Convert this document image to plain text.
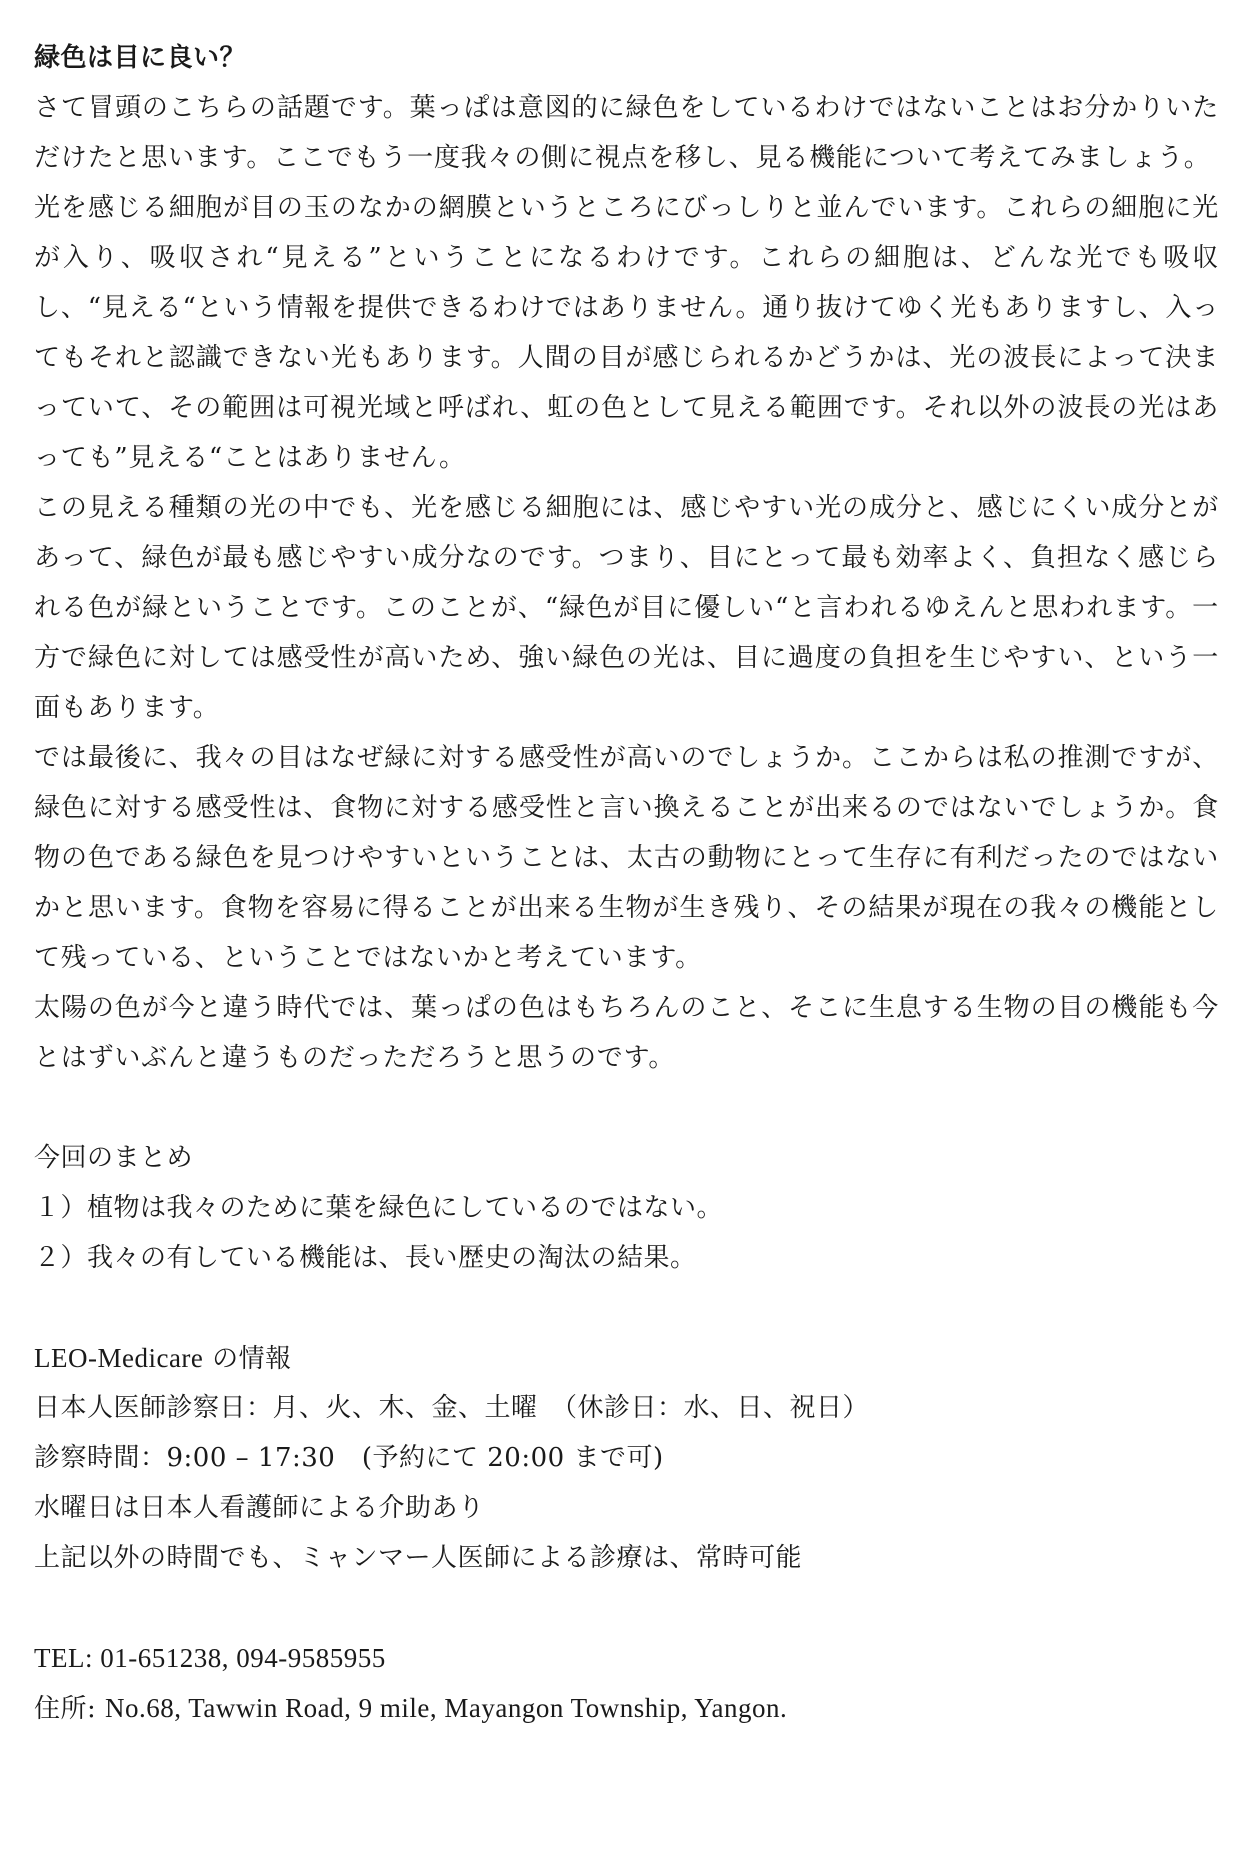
緑色は目に良い？

さて冒頭のこちらの話題です。葉っぱは意図的に緑色をしているわけではないことはお分かりいただけたと思います。ここでもう一度我々の側に視点を移し、見る機能について考えてみましょう。

光を感じる細胞が目の玉のなかの網膜というところにびっしりと並んでいます。これらの細胞に光が入り、吸収され“見える”ということになるわけです。これらの細胞は、どんな光でも吸収し、“見える“という情報を提供できるわけではありません。通り抜けてゆく光もありますし、入ってもそれと認識できない光もあります。人間の目が感じられるかどうかは、光の波長によって決まっていて、その範囲は可視光域と呼ばれ、虹の色として見える範囲です。それ以外の波長の光はあっても”見える“ことはありません。

この見える種類の光の中でも、光を感じる細胞には、感じやすい光の成分と、感じにくい成分とがあって、緑色が最も感じやすい成分なのです。つまり、目にとって最も効率よく、負担なく感じられる色が緑ということです。このことが、“緑色が目に優しい“と言われるゆえんと思われます。一方で緑色に対しては感受性が高いため、強い緑色の光は、目に過度の負担を生じやすい、という一面もあります。

では最後に、我々の目はなぜ緑に対する感受性が高いのでしょうか。ここからは私の推測ですが、緑色に対する感受性は、食物に対する感受性と言い換えることが出来るのではないでしょうか。食物の色である緑色を見つけやすいということは、太古の動物にとって生存に有利だったのではないかと思います。食物を容易に得ることが出来る生物が生き残り、その結果が現在の我々の機能として残っている、ということではないかと考えています。

太陽の色が今と違う時代では、葉っぱの色はもちろんのこと、そこに生息する生物の目の機能も今とはずいぶんと違うものだっただろうと思うのです。

今回のまとめ

１）植物は我々のために葉を緑色にしているのではない。

２）我々の有している機能は、長い歴史の淘汰の結果。

LEO-Medicare の情報

日本人医師診察日：月、火、木、金、土曜　（休診日：水、日、祝日）

診察時間：9:00 – 17:30　(予約にて 20:00 まで可)

水曜日は日本人看護師による介助あり

上記以外の時間でも、ミャンマー人医師による診療は、常時可能

TEL: 01-651238, 094-9585955

住所: No.68, Tawwin Road, 9 mile, Mayangon Township, Yangon.
